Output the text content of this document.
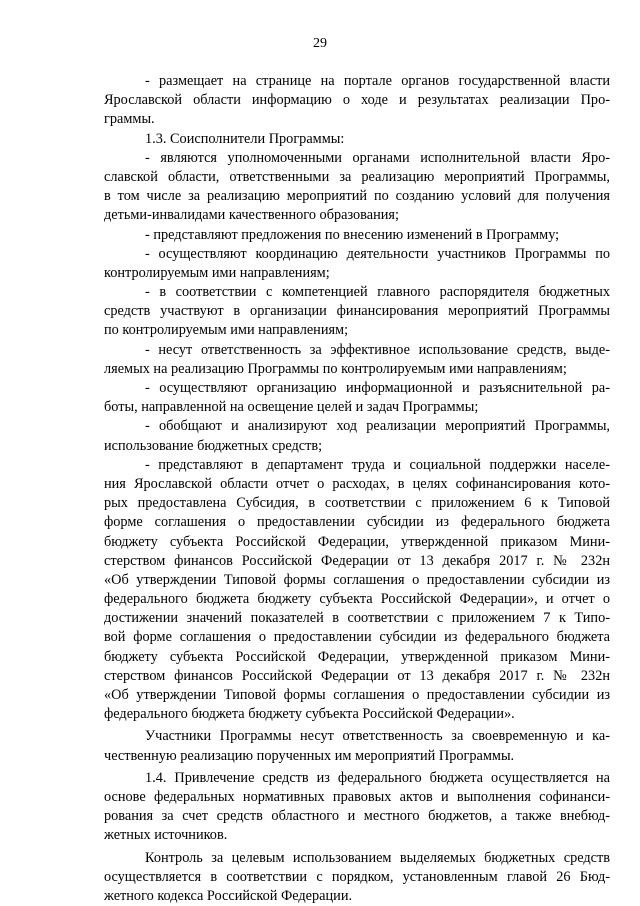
29
- размещает на странице на портале органов государственной власти
Ярославской области информацию о ходе и результатах реализации Про-
граммы.
1.3. Соисполнители Программы:
- являются уполномоченными органами исполнительной власти Яро-
славской области, ответственными за реализацию мероприятий Программы,
в том числе за реализацию мероприятий по созданию условий для получения
детьми-инвалидами качественного образования;
- представляют предложения по внесению изменений в Программу;
- осуществляют координацию деятельности участников Программы по
контролируемым ими направлениям;
- в соответствии с компетенцией главного распорядителя бюджетных
средств участвуют в организации финансирования мероприятий Программы
по контролируемым ими направлениям;
- несут ответственность за эффективное использование средств, выде-
ляемых на реализацию Программы по контролируемым ими направлениям;
- осуществляют организацию информационной и разъяснительной ра-
боты, направленной на освещение целей и задач Программы;
- обобщают и анализируют ход реализации мероприятий Программы,
использование бюджетных средств;
- представляют в департамент труда и социальной поддержки населе-
ния Ярославской области отчет о расходах, в целях софинансирования кото-
рых предоставлена Субсидия, в соответствии с приложением 6 к Типовой
форме соглашения о предоставлении субсидии из федерального бюджета
бюджету субъекта Российской Федерации, утвержденной приказом Мини-
стерством финансов Российской Федерации от 13 декабря 2017 г. № 232н
«Об утверждении Типовой формы соглашения о предоставлении субсидии из
федерального бюджета бюджету субъекта Российской Федерации», и отчет о
достижении значений показателей в соответствии с приложением 7 к Типо-
вой форме соглашения о предоставлении субсидии из федерального бюджета
бюджету субъекта Российской Федерации, утвержденной приказом Мини-
стерством финансов Российской Федерации от 13 декабря 2017 г. № 232н
«Об утверждении Типовой формы соглашения о предоставлении субсидии из
федерального бюджета бюджету субъекта Российской Федерации».
Участники Программы несут ответственность за своевременную и ка-
чественную реализацию порученных им мероприятий Программы.
1.4. Привлечение средств из федерального бюджета осуществляется на
основе федеральных нормативных правовых актов и выполнения софинанси-
рования за счет средств областного и местного бюджетов, а также внебюд-
жетных источников.
Контроль за целевым использованием выделяемых бюджетных средств
осуществляется в соответствии с порядком, установленным главой 26 Бюд-
жетного кодекса Российской Федерации.
